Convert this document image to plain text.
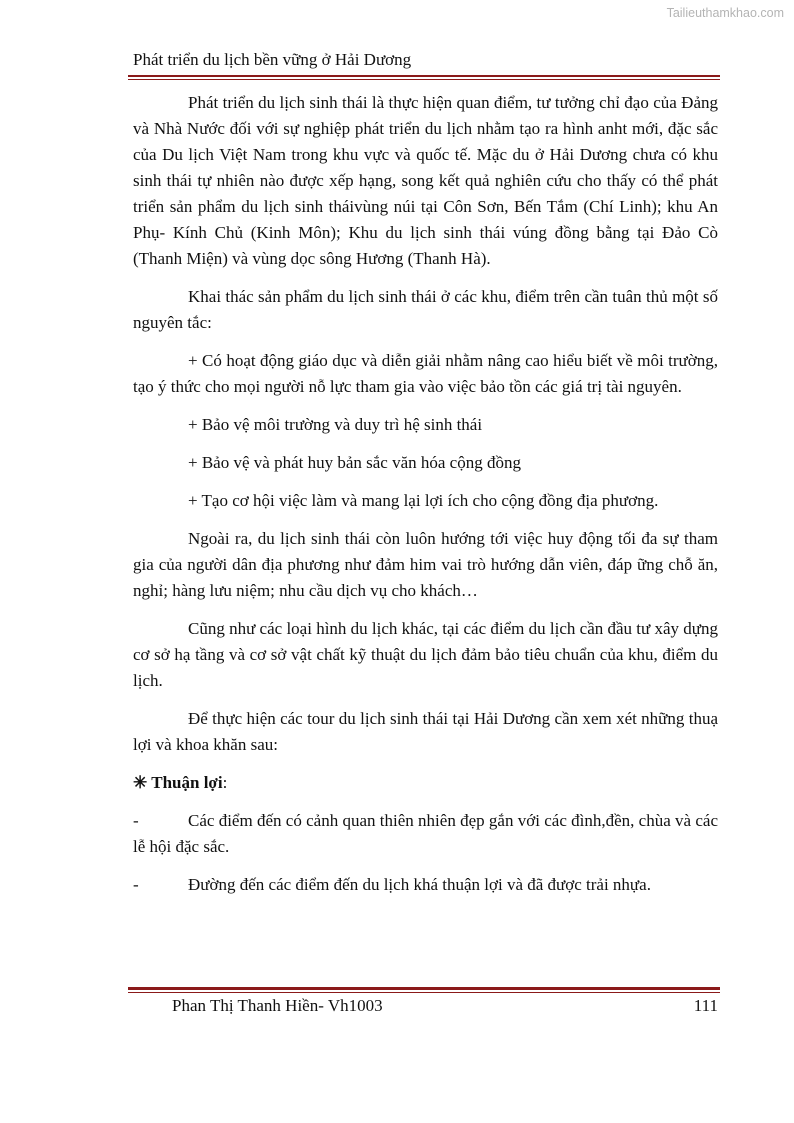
Tailieuthamkhao.com
Phát triển du lịch bền vững ở Hải Dương

Phát triển du lịch sinh thái là thực hiện quan điểm, tư tưởng chỉ đạo của Đảng và Nhà Nước đối với sự nghiệp phát triển du lịch nhằm tạo ra hình anht mới, đặc sắc của Du lịch Việt Nam trong khu vực và quốc tế. Mặc du ở Hải Dương chưa có khu sinh thái tự nhiên nào được xếp hạng, song kết quả nghiên cứu cho thấy có thể phát triển sản phẩm du lịch sinh tháivùng núi tại Côn Sơn, Bến Tắm (Chí Linh); khu An Phụ- Kính Chủ (Kinh Môn); Khu du lịch sinh thái vúng đồng bằng tại Đảo Cò (Thanh Miện) và vùng dọc sông Hương (Thanh Hà).

Khai thác sản phẩm du lịch sinh thái ở các khu, điểm trên cần tuân thủ một số nguyên tắc:

+ Có hoạt động giáo dục và diễn giải nhằm nâng cao hiểu biết về môi trường, tạo ý thức cho mọi người nỗ lực tham gia vào việc bảo tồn các giá trị tài nguyên.

+ Bảo vệ môi trường và duy trì hệ sinh thái

+ Bảo vệ và phát huy bản sắc văn hóa cộng đồng

+ Tạo cơ hội việc làm và mang lại lợi ích cho cộng đồng địa phương.

Ngoài ra, du lịch sinh thái còn luôn hướng tới việc huy động tối đa sự tham gia của người dân địa phương như đảm him vai trò hướng dẫn viên, đáp ững chỗ ăn, nghỉ; hàng lưu niệm; nhu cầu dịch vụ cho khách…

Cũng như các loại hình du lịch khác, tại các điểm du lịch cần đầu tư xây dựng cơ sở hạ tầng và cơ sở vật chất kỹ thuật du lịch đảm bảo tiêu chuẩn của khu, điểm du lịch.

Để thực hiện các tour du lịch sinh thái tại Hải Dương cần xem xét những thuạ lợi và khoa khăn sau:

✳ Thuận lợi:

-	Các điểm đến có cảnh quan thiên nhiên đẹp gắn với các đình,đền, chùa và các lễ hội đặc sắc.

-	Đường đến các điểm đến du lịch khá thuận lợi và đã được trải nhựa.

Phan Thị Thanh Hiền- Vh1003	111
